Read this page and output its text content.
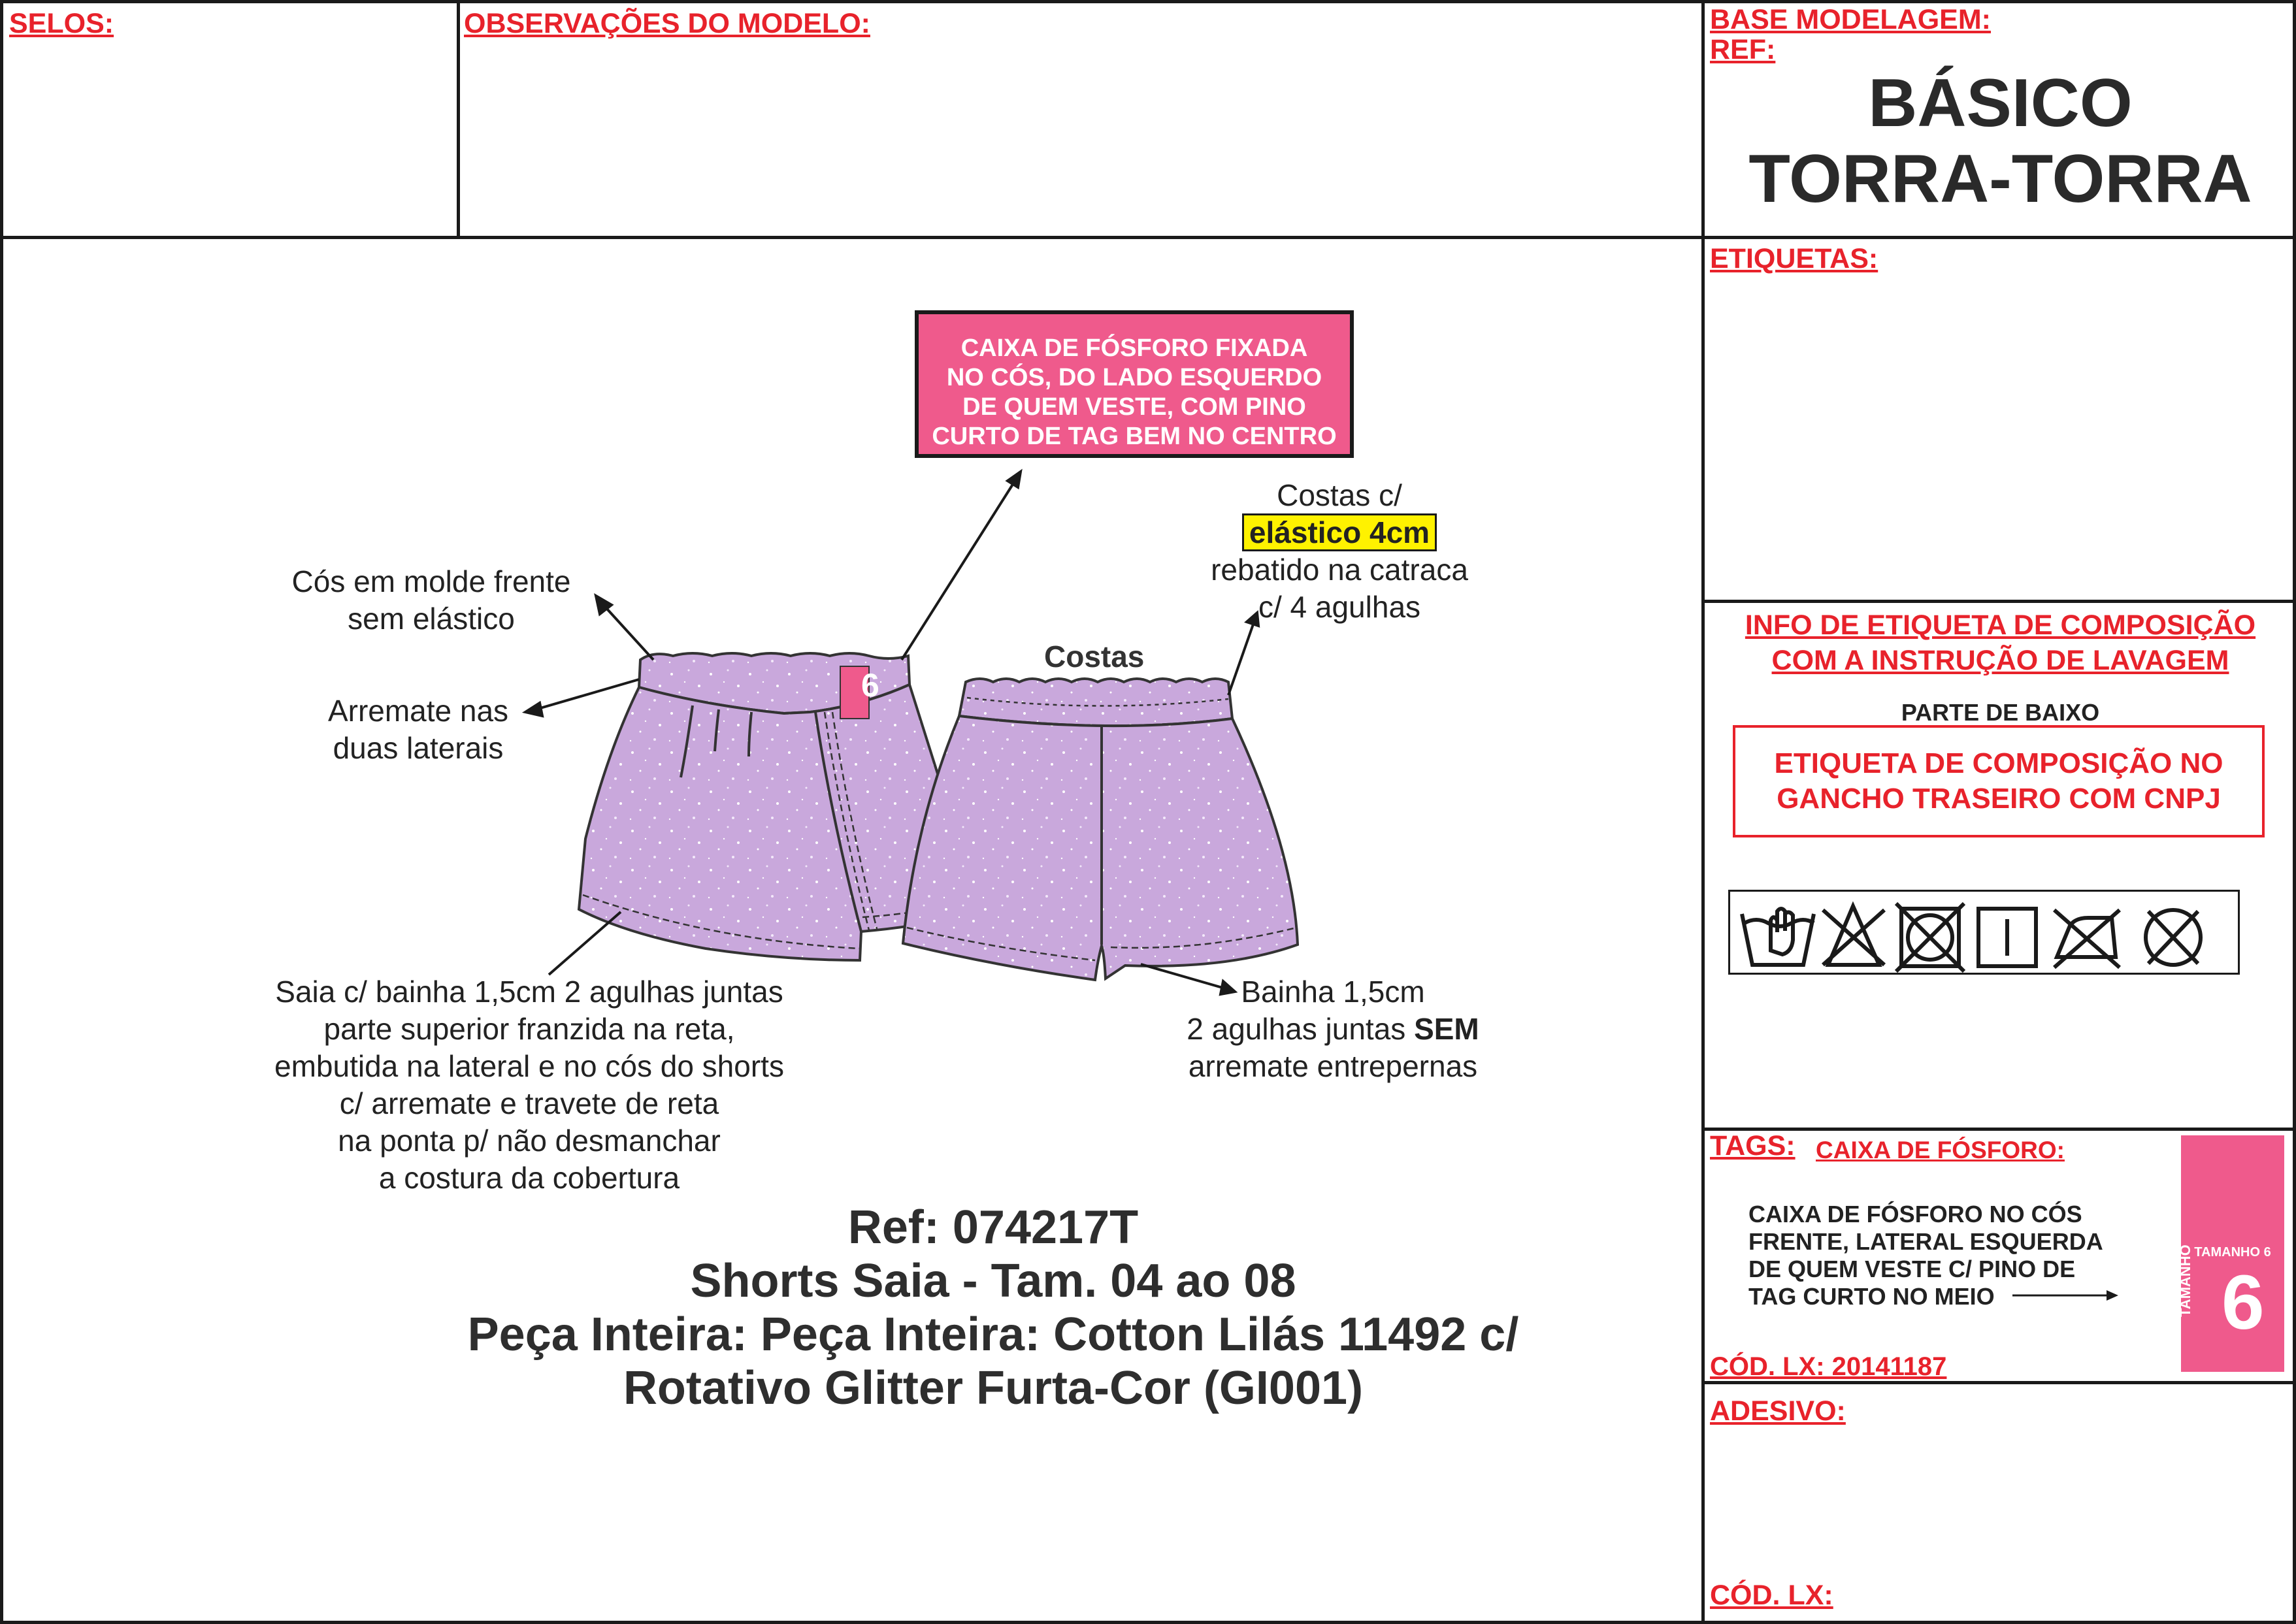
SELOS:	OBSERVAÇÕES DO MODELO:	BASE MODELAGEM:
REF:
BÁSICO
TORRA-TORRA
ETIQUETAS:
INFO DE ETIQUETA DE COMPOSIÇÃO
COM A INSTRUÇÃO DE LAVAGEM
PARTE DE BAIXO
ETIQUETA DE COMPOSIÇÃO NO
GANCHO TRASEIRO COM CNPJ
TAGS: CAIXA DE FÓSFORO:
CAIXA DE FÓSFORO NO CÓS
FRENTE, LATERAL ESQUERDA
DE QUEM VESTE C/ PINO DE
TAG CURTO NO MEIO
TAMANHO 6
TAMANHO 6
CÓD. LX: 20141187
ADESIVO:
CÓD. LX:
CAIXA DE FÓSFORO FIXADA
NO CÓS, DO LADO ESQUERDO
DE QUEM VESTE, COM PINO
CURTO DE TAG BEM NO CENTRO
6
Cós em molde frente
sem elástico
Arremate nas
duas laterais
Costas
Costas c/
elástico 4cm
rebatido na catraca
c/ 4 agulhas
Saia c/ bainha 1,5cm 2 agulhas juntas
parte superior franzida na reta,
embutida na lateral e no cós do shorts
c/ arremate e travete de reta
na ponta p/ não desmanchar
a costura da cobertura
Bainha 1,5cm
2 agulhas juntas SEM
arremate entrepernas
Ref: 074217T
Shorts Saia - Tam. 04 ao 08
Peça Inteira: Peça Inteira: Cotton Lilás 11492 c/
Rotativo Glitter Furta-Cor (GI001)
